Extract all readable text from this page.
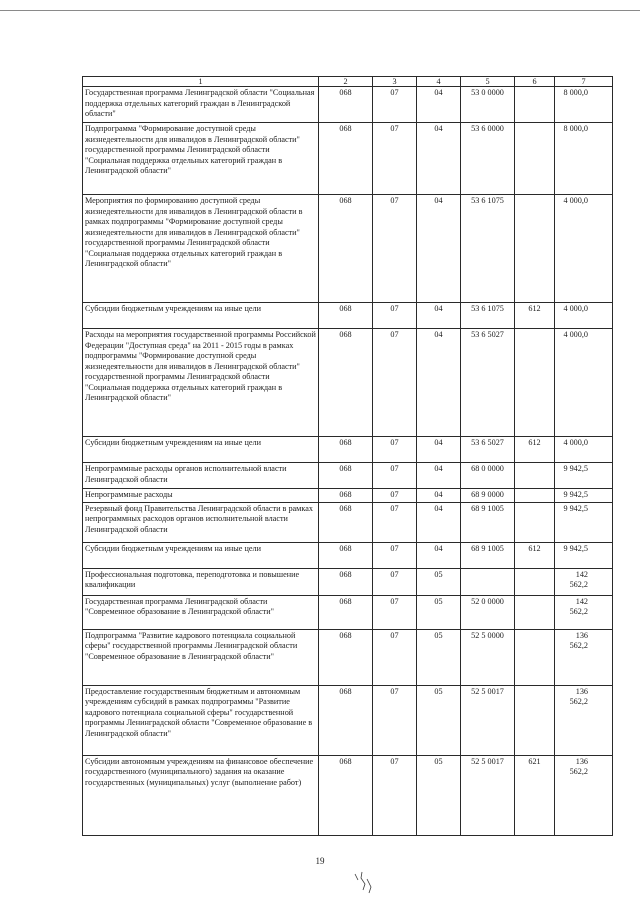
1	2	3	4	5	6	7
Государственная программа Ленинградской области "Социальная поддержка отдельных категорий граждан в Ленинградской области"	068	07	04	53 0 0000		8 000,0
Подпрограмма "Формирование доступной среды жизнедеятельности для инвалидов в Ленинградской области" государственной программы Ленинградской области "Социальная поддержка отдельных категорий граждан в Ленинградской области"	068	07	04	53 6 0000		8 000,0
Мероприятия по формированию доступной среды жизнедеятельности для инвалидов в Ленинградской области в рамках подпрограммы "Формирование доступной среды жизнедеятельности для инвалидов в Ленинградской области" государственной программы Ленинградской области "Социальная поддержка отдельных категорий граждан в Ленинградской области"	068	07	04	53 6 1075		4 000,0
Субсидии бюджетным учреждениям на иные цели	068	07	04	53 6 1075	612	4 000,0
Расходы на мероприятия государственной программы Российской Федерации "Доступная среда" на 2011 - 2015 годы в рамках подпрограммы "Формирование доступной среды жизнедеятельности для инвалидов в Ленинградской области" государственной программы Ленинградской области "Социальная поддержка отдельных категорий граждан в Ленинградской области"	068	07	04	53 6 5027		4 000,0
Субсидии бюджетным учреждениям на иные цели	068	07	04	53 6 5027	612	4 000,0
Непрограммные расходы органов исполнительной власти Ленинградской области	068	07	04	68 0 0000		9 942,5
Непрограммные расходы	068	07	04	68 9 0000		9 942,5
Резервный фонд Правительства Ленинградской области в рамках непрограммных расходов органов исполнительной власти Ленинградской области	068	07	04	68 9 1005		9 942,5
Субсидии бюджетным учреждениям на иные цели	068	07	04	68 9 1005	612	9 942,5
Профессиональная подготовка, переподготовка и повышение квалификации	068	07	05			142 562,2
Государственная программа Ленинградской области "Современное образование в Ленинградской области"	068	07	05	52 0 0000		142 562,2
Подпрограмма "Развитие кадрового потенциала социальной сферы" государственной программы Ленинградской области "Современное образование в Ленинградской области"	068	07	05	52 5 0000		136 562,2
Предоставление государственным бюджетным и автономным учреждениям субсидий в рамках подпрограммы "Развитие кадрового потенциала социальной сферы" государственной программы Ленинградской области "Современное образование в Ленинградской области"	068	07	05	52 5 0017		136 562,2
Субсидии автономным учреждениям на финансовое обеспечение государственного (муниципального) задания на оказание государственных (муниципальных) услуг (выполнение работ)	068	07	05	52 5 0017	621	136 562,2
19
